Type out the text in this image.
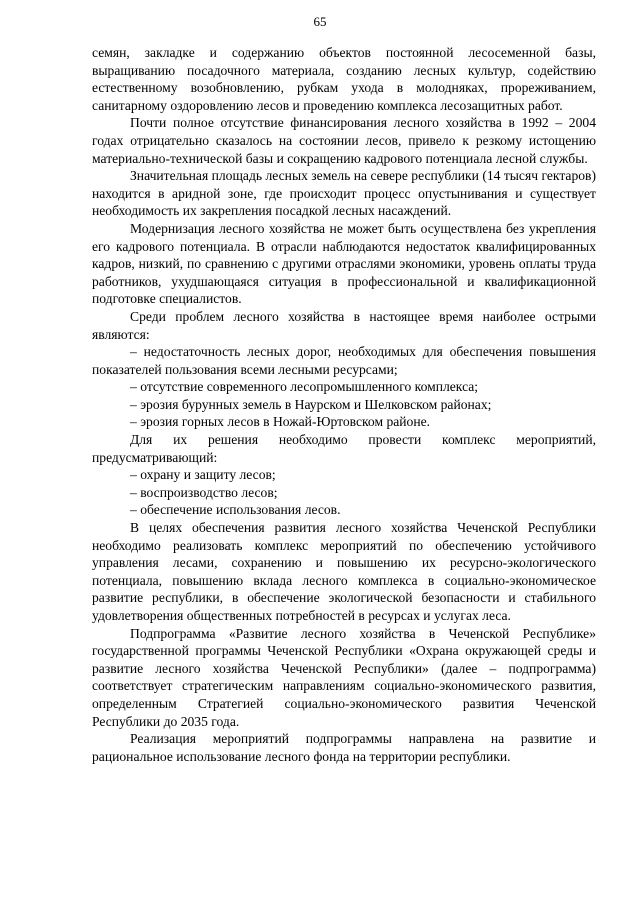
65

семян, закладке и содержанию объектов постоянной лесосеменной базы, выращиванию посадочного материала, созданию лесных культур, содействию естественному возобновлению, рубкам ухода в молодняках, прореживанием, санитарному оздоровлению лесов и проведению комплекса лесозащитных работ.

Почти полное отсутствие финансирования лесного хозяйства в 1992 – 2004 годах отрицательно сказалось на состоянии лесов, привело к резкому истощению материально-технической базы и сокращению кадрового потенциала лесной службы.

Значительная площадь лесных земель на севере республики (14 тысяч гектаров) находится в аридной зоне, где происходит процесс опустынивания и существует необходимость их закрепления посадкой лесных насаждений.

Модернизация лесного хозяйства не может быть осуществлена без укрепления его кадрового потенциала. В отрасли наблюдаются недостаток квалифицированных кадров, низкий, по сравнению с другими отраслями экономики, уровень оплаты труда работников, ухудшающаяся ситуация в профессиональной и квалификационной подготовке специалистов.

Среди проблем лесного хозяйства в настоящее время наиболее острыми являются:

– недостаточность лесных дорог, необходимых для обеспечения повышения показателей пользования всеми лесными ресурсами;

– отсутствие современного лесопромышленного комплекса;

– эрозия бурунных земель в Наурском и Шелковском районах;

– эрозия горных лесов в Ножай-Юртовском районе.

Для их решения необходимо провести комплекс мероприятий, предусматривающий:

– охрану и защиту лесов;

– воспроизводство лесов;

– обеспечение использования лесов.

В целях обеспечения развития лесного хозяйства Чеченской Республики необходимо реализовать комплекс мероприятий по обеспечению устойчивого управления лесами, сохранению и повышению их ресурсно-экологического потенциала, повышению вклада лесного комплекса в социально-экономическое развитие республики, в обеспечение экологической безопасности и стабильного удовлетворения общественных потребностей в ресурсах и услугах леса.

Подпрограмма «Развитие лесного хозяйства в Чеченской Республике» государственной программы Чеченской Республики «Охрана окружающей среды и развитие лесного хозяйства Чеченской Республики» (далее – подпрограмма) соответствует стратегическим направлениям социально-экономического развития, определенным Стратегией социально-экономического развития Чеченской Республики до 2035 года.

Реализация мероприятий подпрограммы направлена на развитие и рациональное использование лесного фонда на территории республики.
